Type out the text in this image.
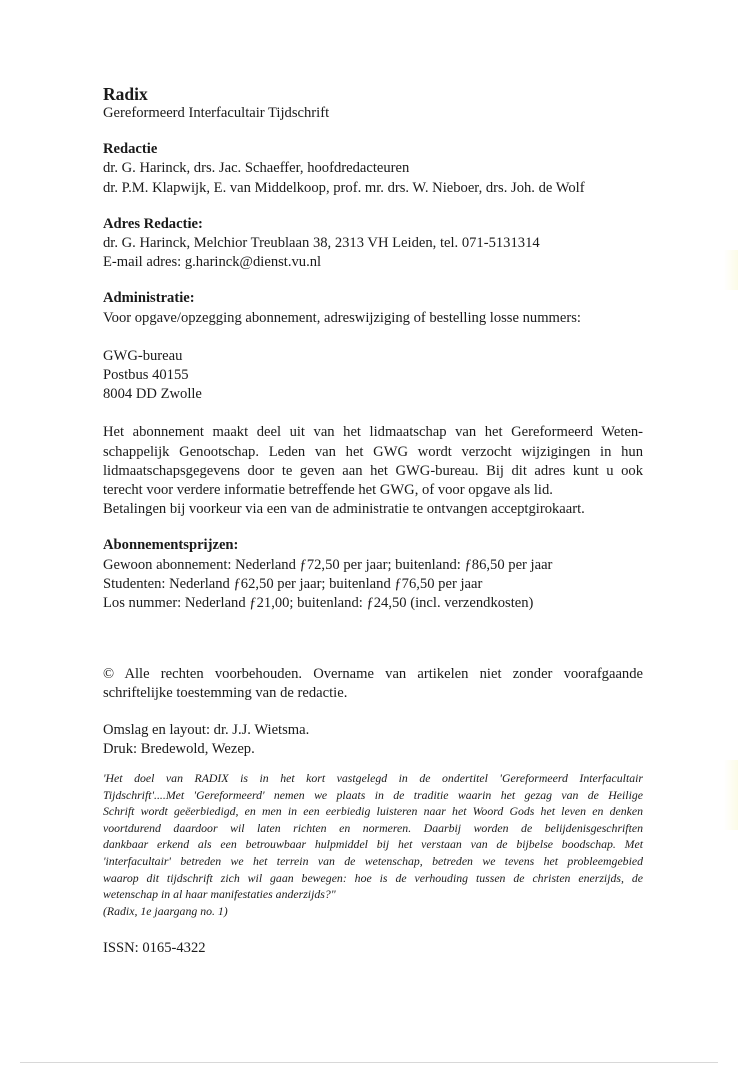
Radix

Gereformeerd Interfacultair Tijdschrift

Redactie

dr. G. Harinck, drs. Jac. Schaeffer, hoofdredacteuren

dr. P.M. Klapwijk, E. van Middelkoop, prof. mr. drs. W. Nieboer, drs. Joh. de Wolf

Adres Redactie:

dr. G. Harinck, Melchior Treublaan 38, 2313 VH Leiden, tel. 071-5131314

E-mail adres: g.harinck@dienst.vu.nl

Administratie:

Voor opgave/opzegging abonnement, adreswijziging of bestelling losse nummers:

GWG-bureau

Postbus 40155

8004 DD Zwolle

Het abonnement maakt deel uit van het lidmaatschap van het Gereformeerd Weten-

schappelijk Genootschap. Leden van het GWG wordt verzocht wijzigingen in hun

lidmaatschapsgegevens door te geven aan het GWG-bureau. Bij dit adres kunt u ook

terecht voor verdere informatie betreffende het GWG, of voor opgave als lid.

Betalingen bij voorkeur via een van de administratie te ontvangen acceptgirokaart.

Abonnementsprijzen:

Gewoon abonnement: Nederland ƒ72,50 per jaar; buitenland: ƒ86,50 per jaar

Studenten: Nederland ƒ62,50 per jaar; buitenland ƒ76,50 per jaar

Los nummer: Nederland ƒ21,00; buitenland: ƒ24,50 (incl. verzendkosten)

© Alle rechten voorbehouden. Overname van artikelen niet zonder voorafgaande

schriftelijke toestemming van de redactie.

Omslag en layout: dr. J.J. Wietsma.

Druk: Bredewold, Wezep.

'Het doel van RADIX is in het kort vastgelegd in de ondertitel 'Gereformeerd Interfacultair
Tijdschrift'....Met 'Gereformeerd' nemen we plaats in de traditie waarin het gezag van de Heilige
Schrift wordt geëerbiedigd, en men in een eerbiedig luisteren naar het Woord Gods het leven en denken
voortdurend daardoor wil laten richten en normeren. Daarbij worden de belijdenisgeschriften
dankbaar erkend als een betrouwbaar hulpmiddel bij het verstaan van de bijbelse boodschap. Met
'interfacultair' betreden we het terrein van de wetenschap, betreden we tevens het probleemgebied
waarop dit tijdschrift zich wil gaan bewegen: hoe is de verhouding tussen de christen enerzijds, de
wetenschap in al haar manifestaties anderzijds?"
(Radix, 1e jaargang no. 1)

ISSN: 0165-4322
